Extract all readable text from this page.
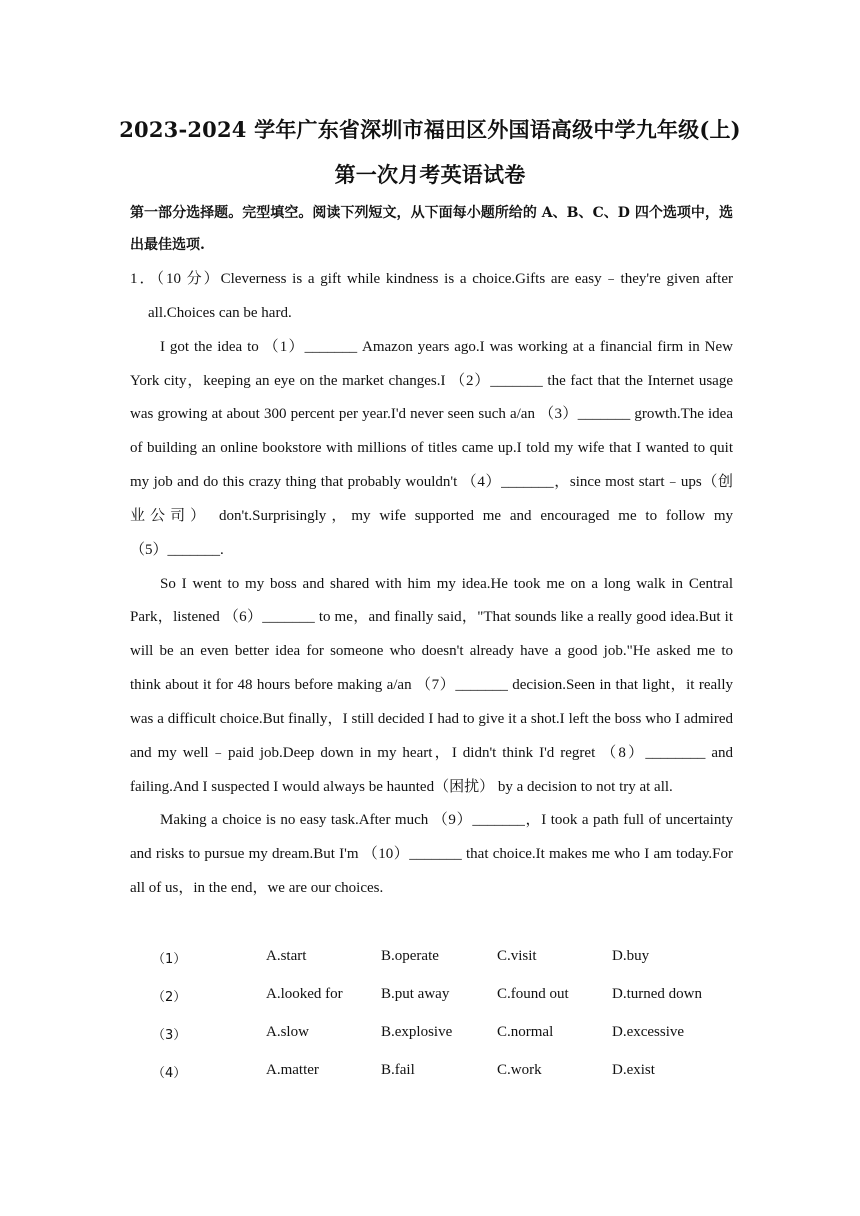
2023-2024 学年广东省深圳市福田区外国语高级中学九年级(上)
第一次月考英语试卷
第一部分选择题。完型填空。阅读下列短文，从下面每小题所给的 A、B、C、D 四个选项中，选出最佳选项.
1．（10 分）Cleverness is a gift while kindness is a choice.Gifts are easy﹣they're given after
all.Choices can be hard.
I got the idea to （1）_______ Amazon years ago.I was working at a financial firm in New
York city，keeping an eye on the market changes.I （2）_______ the fact that the Internet usage
was growing at about 300 percent per year.I'd never seen such a/an （3）_______ growth.The idea
of building an online bookstore with millions of titles came up.I told my wife that I wanted to quit
my job and do this crazy thing that probably wouldn't （4）_______，since most start﹣ups（创
业公司） don't.Surprisingly，my wife supported me and encouraged me to follow my
（5）_______.
So I went to my boss and shared with him my idea.He took me on a long walk in Central
Park，listened （6）_______ to me，and finally said，"That sounds like a really good idea.But it
will be an even better idea for someone who doesn't already have a good job."He asked me to
think about it for 48 hours before making a/an （7）_______ decision.Seen in that light，it really
was a difficult choice.But finally，I still decided I had to give it a shot.I left the boss who I admired
and my well﹣paid job.Deep down in my heart，I didn't think I'd regret （8）________ and
failing.And I suspected I would always be haunted（困扰） by a decision to not try at all.
Making a choice is no easy task.After much （9）_______，I took a path full of uncertainty
and risks to pursue my dream.But I'm （10）_______ that choice.It makes me who I am today.For
all of us，in the end，we are our choices.
（1）	A.start	B.operate	C.visit	D.buy
（2）	A.looked for	B.put away	C.found out	D.turned down
（3）	A.slow	B.explosive	C.normal	D.excessive
（4）	A.matter	B.fail	C.work	D.exist
